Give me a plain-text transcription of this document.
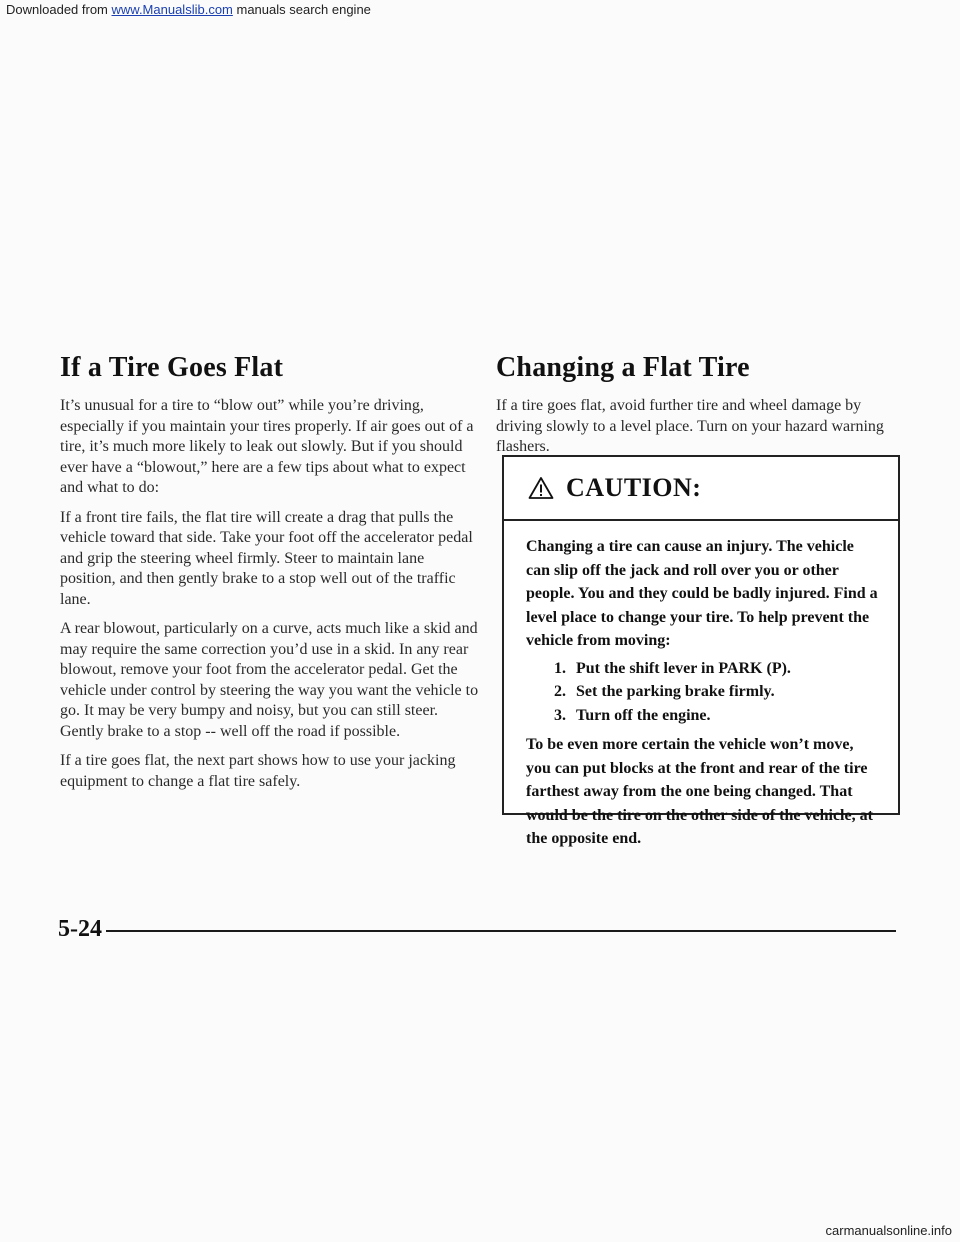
Downloaded from www.Manualslib.com manuals search engine
If a Tire Goes Flat

It’s unusual for a tire to “blow out” while you’re driving, especially if you maintain your tires properly. If air goes out of a tire, it’s much more likely to leak out slowly. But if you should ever have a “blowout,” here are a few tips about what to expect and what to do:

If a front tire fails, the flat tire will create a drag that pulls the vehicle toward that side. Take your foot off the accelerator pedal and grip the steering wheel firmly. Steer to maintain lane position, and then gently brake to a stop well out of the traffic lane.

A rear blowout, particularly on a curve, acts much like a skid and may require the same correction you’d use in a skid. In any rear blowout, remove your foot from the accelerator pedal. Get the vehicle under control by steering the way you want the vehicle to go. It may be very bumpy and noisy, but you can still steer. Gently brake to a stop -- well off the road if possible.

If a tire goes flat, the next part shows how to use your jacking equipment to change a flat tire safely.

Changing a Flat Tire

If a tire goes flat, avoid further tire and wheel damage by driving slowly to a level place. Turn on your hazard warning flashers.

CAUTION:

Changing a tire can cause an injury. The vehicle can slip off the jack and roll over you or other people. You and they could be badly injured. Find a level place to change your tire. To help prevent the vehicle from moving:

1. Put the shift lever in PARK (P).
2. Set the parking brake firmly.
3. Turn off the engine.

To be even more certain the vehicle won’t move, you can put blocks at the front and rear of the tire farthest away from the one being changed. That would be the tire on the other side of the vehicle, at the opposite end.

5-24
carmanualsonline.info
